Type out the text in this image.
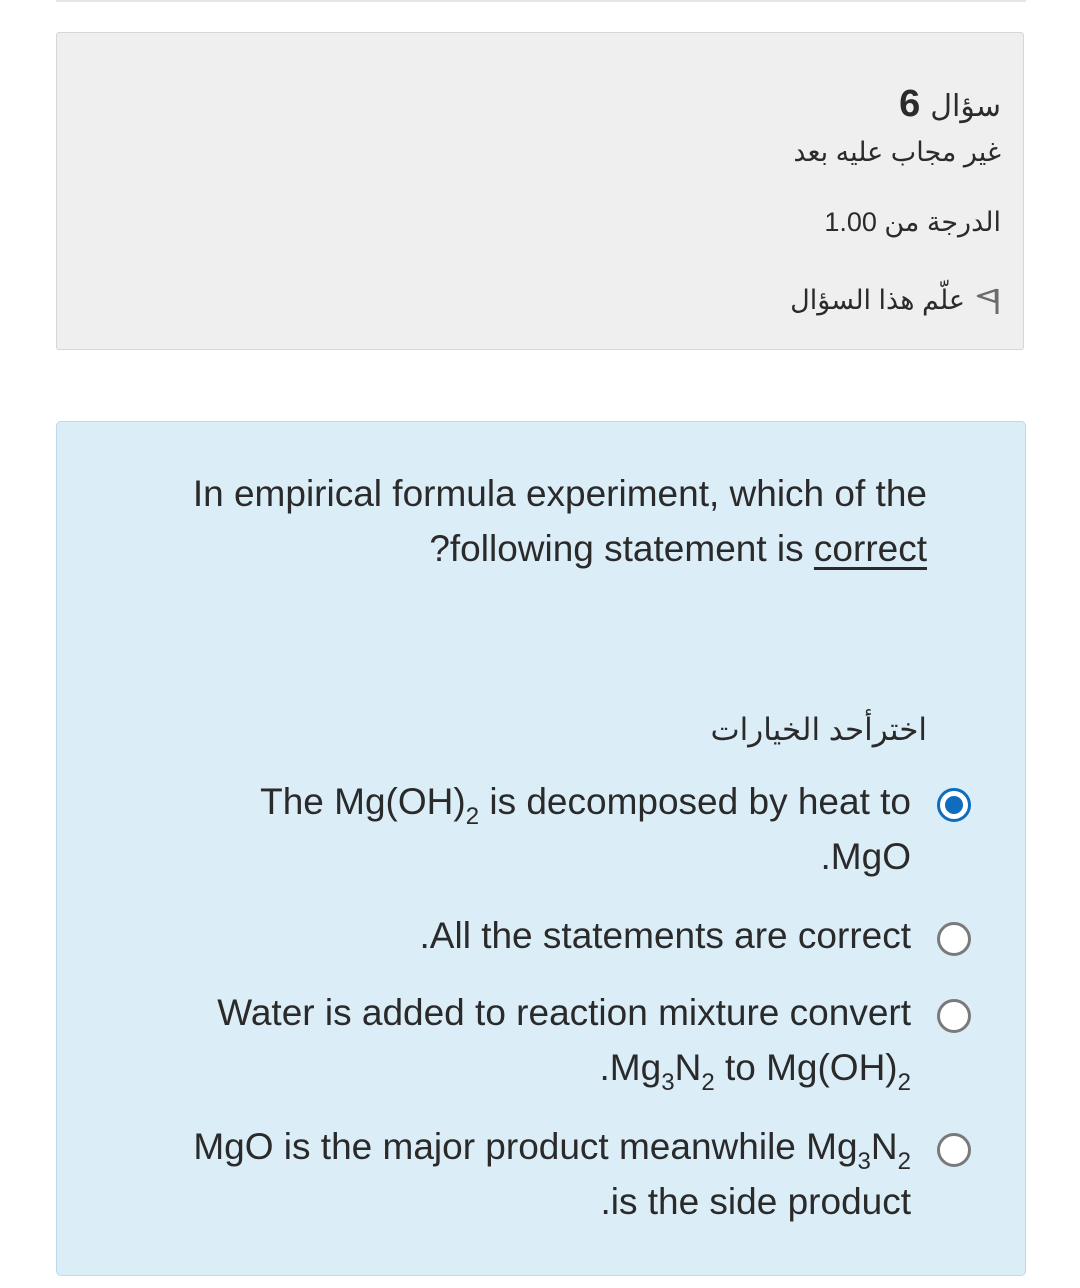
سؤال6
غير مجاب عليه بعد
الدرجة من 1.00
علّم هذا السؤال
In empirical formula experiment, which of the
?following statement is correct
اخترأحد الخيارات
The $Mg(OH)_2$ is decomposed by heat to
.MgO
.All the statements are correct
Water is added to reaction mixture convert
$.Mg_3N_2$ to $Mg(OH)_2$
MgO is the major product meanwhile $Mg_3N_2$
.is the side product
